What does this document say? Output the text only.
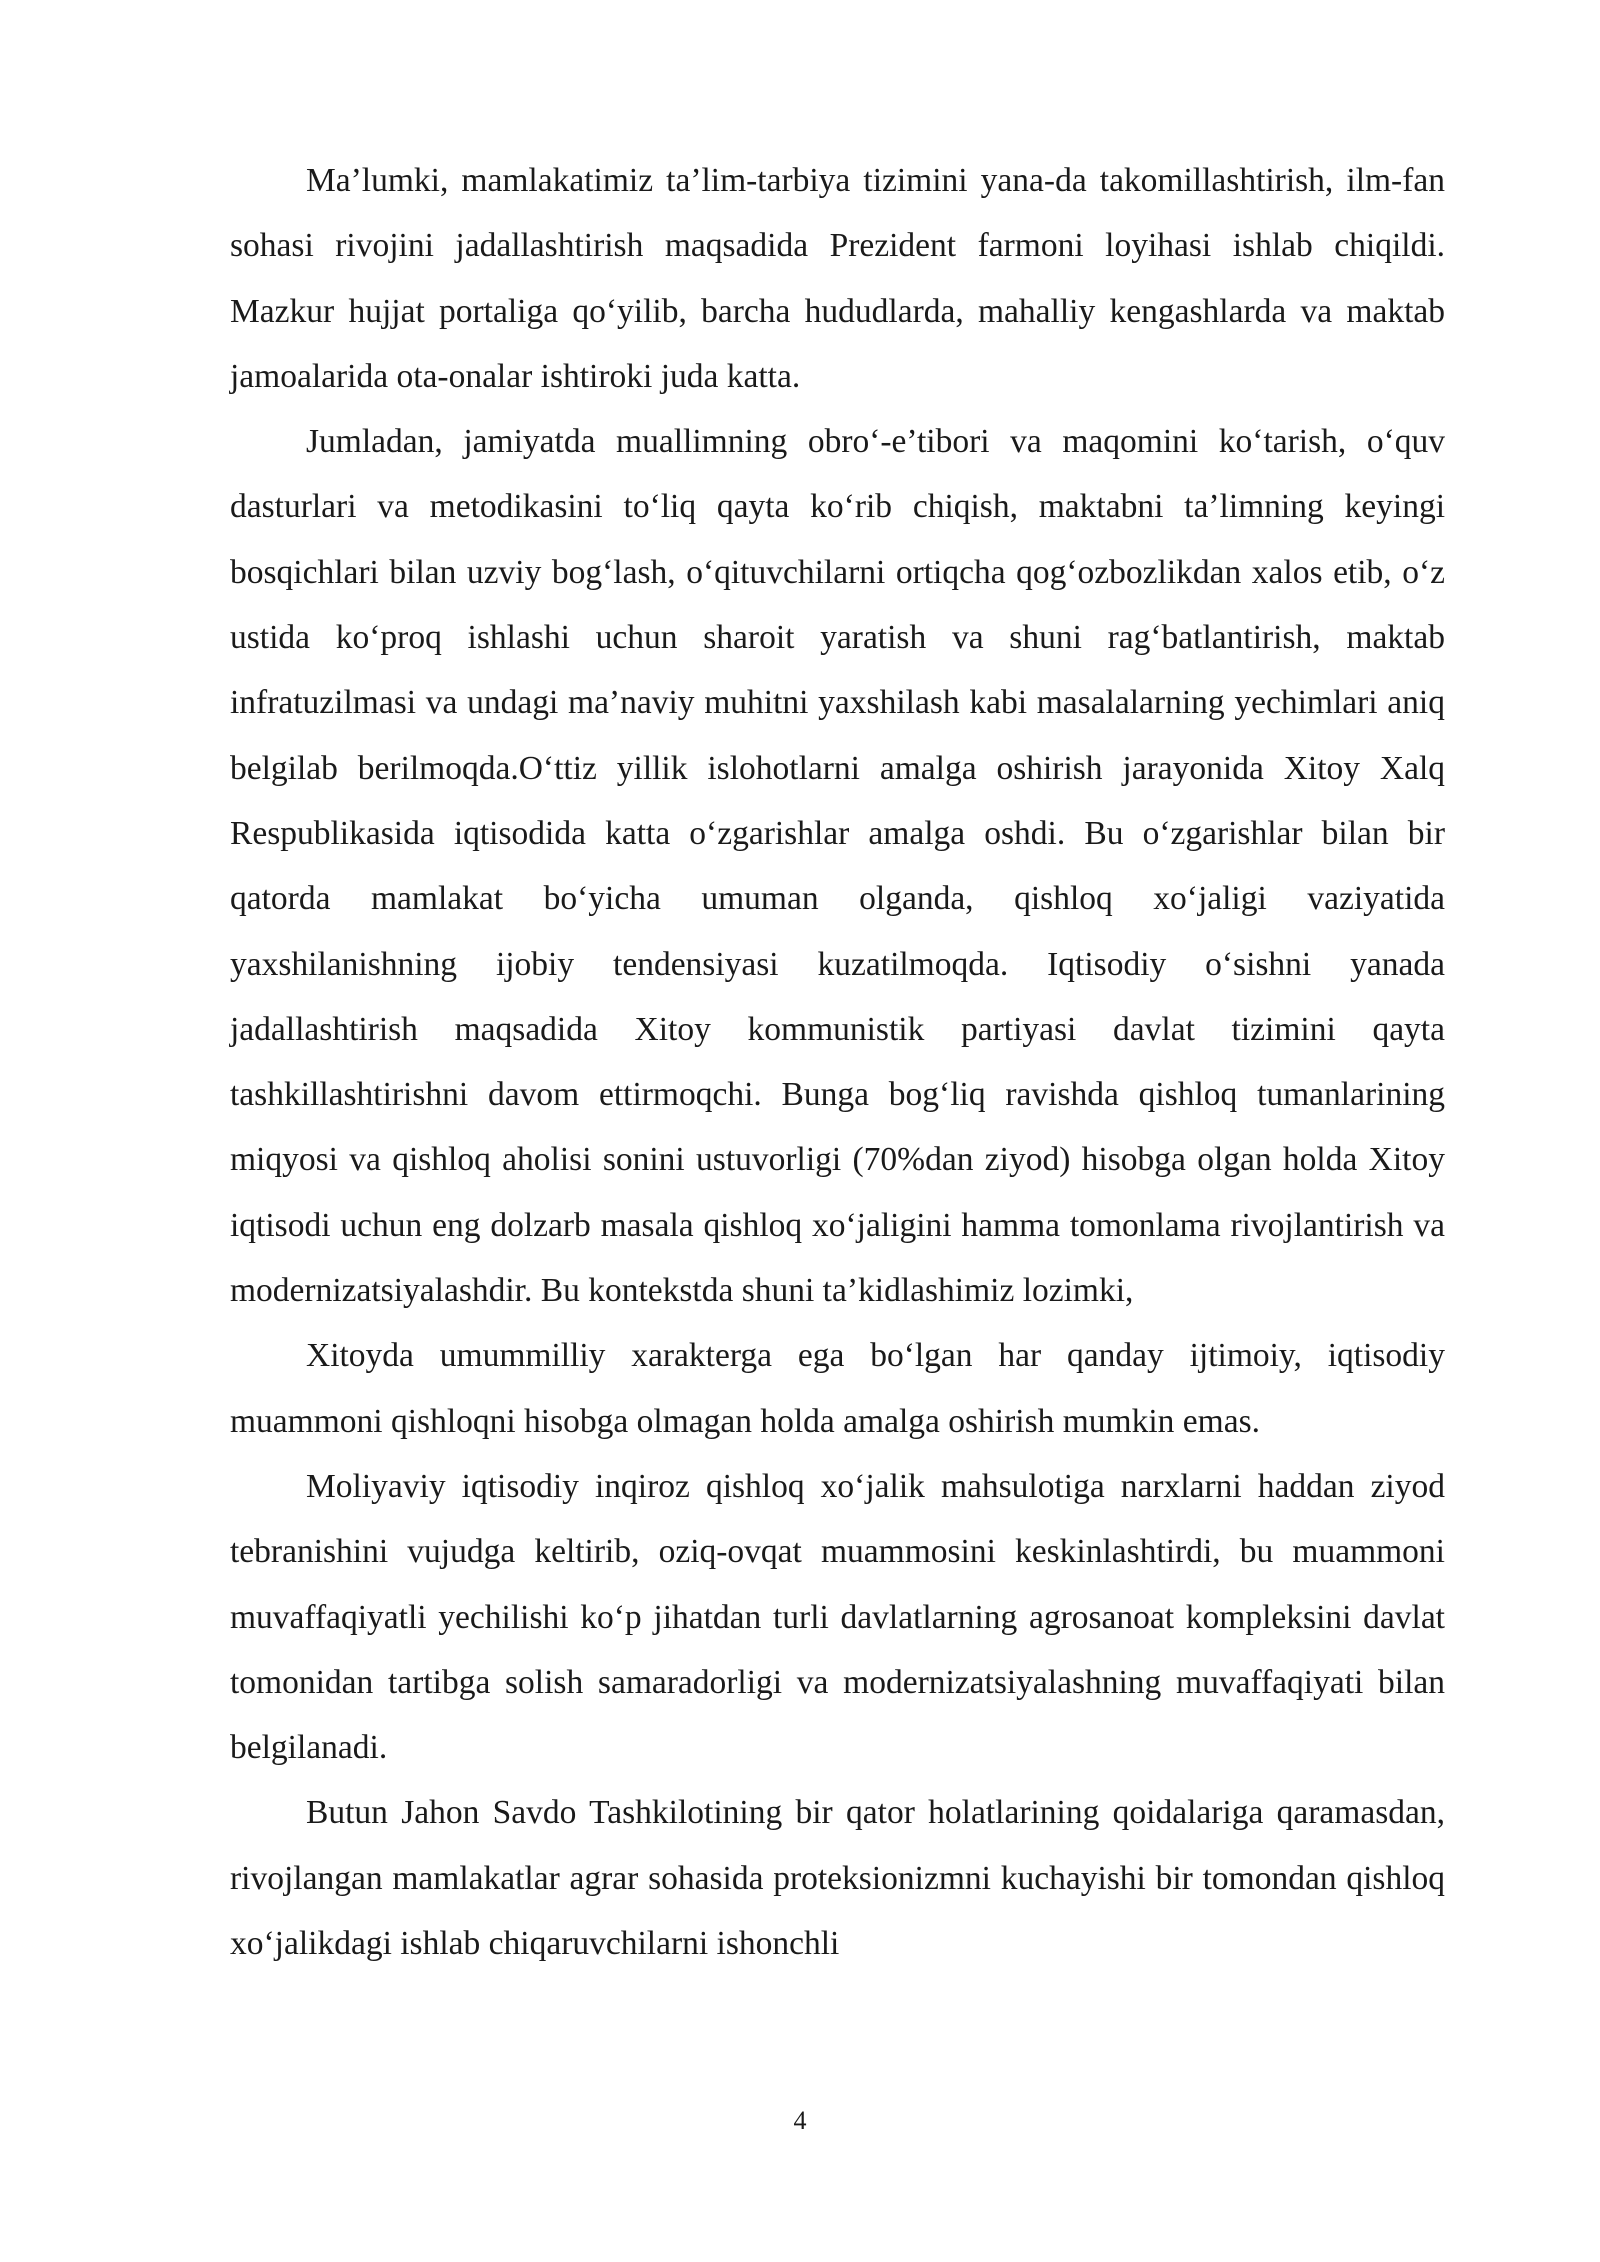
Ma’lumki, mamlakatimiz ta’lim-tarbiya tizimini yana-da takomillashtirish, ilm-fan sohasi rivojini jadallashtirish maqsadida Prezident farmoni loyihasi ishlab chiqildi. Mazkur hujjat portaliga qo‘yilib, barcha hududlarda, mahalliy kengashlarda va maktab jamoalarida ota-onalar ishtiroki juda katta.

Jumladan, jamiyatda muallimning obro‘-e’tibori va maqomini ko‘tarish, o‘quv dasturlari va metodikasini to‘liq qayta ko‘rib chiqish, maktabni ta’limning keyingi bosqichlari bilan uzviy bog‘lash, o‘qituvchilarni ortiqcha qog‘ozbozlikdan xalos etib, o‘z ustida ko‘proq ishlashi uchun sharoit yaratish va shuni rag‘batlantirish, maktab infratuzilmasi va undagi ma’naviy muhitni yaxshilash kabi masalalarning yechimlari aniq belgilab berilmoqda.O‘ttiz yillik islohotlarni amalga oshirish jarayonida Xitoy Xalq Respublikasida iqtisodida katta o‘zgarishlar amalga oshdi. Bu o‘zgarishlar bilan bir qatorda mamlakat bo‘yicha umuman olganda, qishloq xo‘jaligi vaziyatida yaxshilanishning ijobiy tendensiyasi kuzatilmoqda. Iqtisodiy o‘sishni yanada jadallashtirish maqsadida Xitoy kommunistik partiyasi davlat tizimini qayta tashkillashtirishni davom ettirmoqchi. Bunga bog‘liq ravishda qishloq tumanlarining miqyosi va qishloq aholisi sonini ustuvorligi (70%dan ziyod) hisobga olgan holda Xitoy iqtisodi uchun eng dolzarb masala qishloq xo‘jaligini hamma tomonlama rivojlantirish va modernizatsiyalashdir. Bu kontekstda shuni ta’kidlashimiz lozimki,

Xitoyda umummilliy xarakterga ega bo‘lgan har qanday ijtimoiy, iqtisodiy muammoni qishloqni hisobga olmagan holda amalga oshirish mumkin emas.

Moliyaviy iqtisodiy inqiroz qishloq xo‘jalik mahsulotiga narxlarni haddan ziyod tebranishini vujudga keltirib, oziq-ovqat muammosini keskinlashtirdi, bu muammoni muvaffaqiyatli yechilishi ko‘p jihatdan turli davlatlarning agrosanoat kompleksini davlat tomonidan tartibga solish samaradorligi va modernizatsiyalashning muvaffaqiyati bilan belgilanadi.

Butun Jahon Savdo Tashkilotining bir qator holatlarining qoidalariga qaramasdan, rivojlangan mamlakatlar agrar sohasida proteksionizmni kuchayishi bir tomondan qishloq xo‘jalikdagi ishlab chiqaruvchilarni ishonchli

4
